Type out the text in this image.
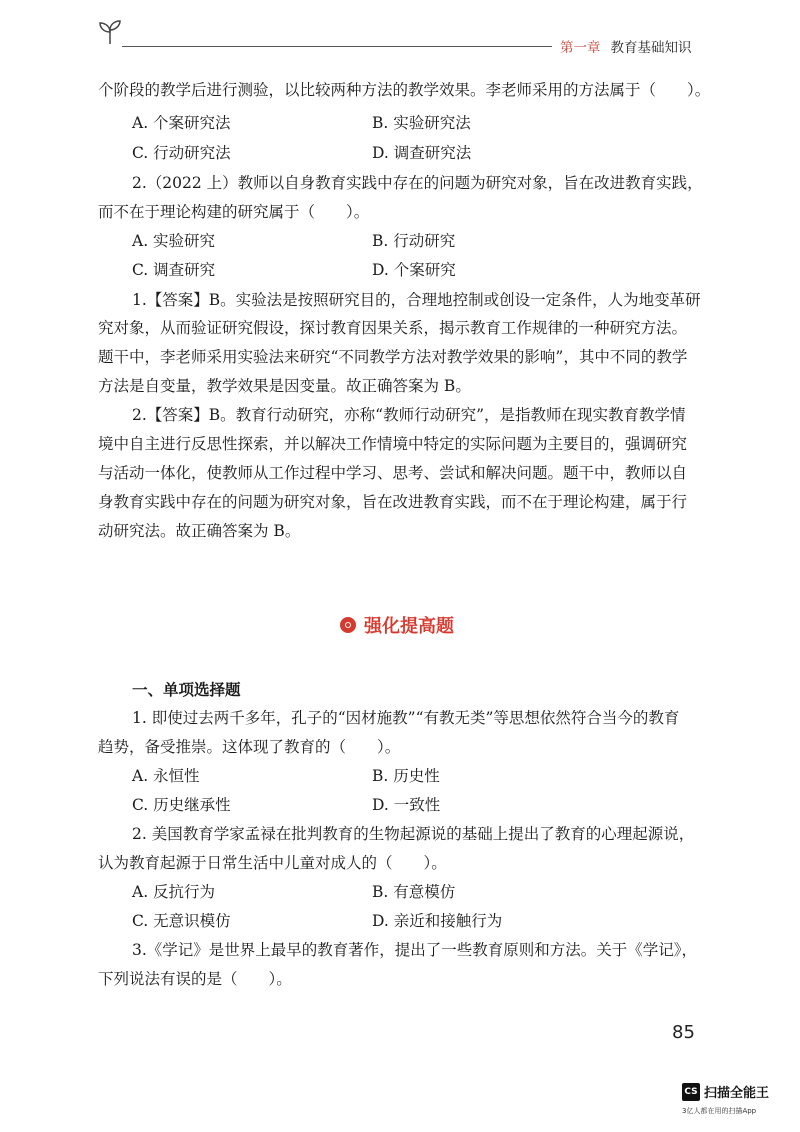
第一章 教育基础知识
个阶段的教学后进行测验，以比较两种方法的教学效果。李老师采用的方法属于（　　）。
A. 个案研究法	B. 实验研究法
C. 行动研究法	D. 调查研究法
2.（2022 上）教师以自身教育实践中存在的问题为研究对象，旨在改进教育实践，
而不在于理论构建的研究属于（　　）。
A. 实验研究	B. 行动研究
C. 调查研究	D. 个案研究
1.【答案】B。实验法是按照研究目的，合理地控制或创设一定条件，人为地变革研
究对象，从而验证研究假设，探讨教育因果关系，揭示教育工作规律的一种研究方法。
题干中，李老师采用实验法来研究“不同教学方法对教学效果的影响”，其中不同的教学
方法是自变量，教学效果是因变量。故正确答案为 B。
2.【答案】B。教育行动研究，亦称“教师行动研究”，是指教师在现实教育教学情
境中自主进行反思性探索，并以解决工作情境中特定的实际问题为主要目的，强调研究
与活动一体化，使教师从工作过程中学习、思考、尝试和解决问题。题干中，教师以自
身教育实践中存在的问题为研究对象，旨在改进教育实践，而不在于理论构建，属于行
动研究法。故正确答案为 B。
强化提高题
一、单项选择题
1. 即使过去两千多年，孔子的“因材施教”“有教无类”等思想依然符合当今的教育
趋势，备受推崇。这体现了教育的（　　）。
A. 永恒性	B. 历史性
C. 历史继承性	D. 一致性
2. 美国教育学家孟禄在批判教育的生物起源说的基础上提出了教育的心理起源说，
认为教育起源于日常生活中儿童对成人的（　　）。
A. 反抗行为	B. 有意模仿
C. 无意识模仿	D. 亲近和接触行为
3.《学记》是世界上最早的教育著作，提出了一些教育原则和方法。关于《学记》，
下列说法有误的是（　　）。
85
CS 扫描全能王
3亿人都在用的扫描App
